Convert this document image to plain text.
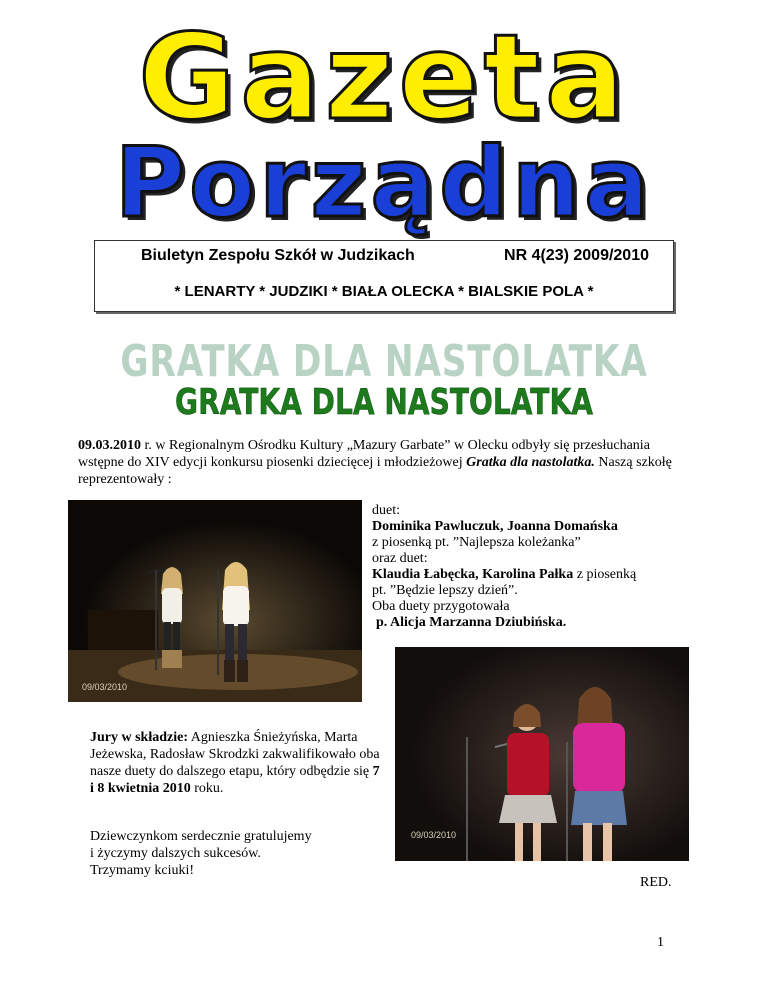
Gazeta
Porządna
Biuletyn Zespołu Szkół w Judzikach	NR 4(23) 2009/2010
* LENARTY * JUDZIKI * BIAŁA OLECKA * BIALSKIE POLA *
GRATKA DLA NASTOLATKA
GRATKA DLA NASTOLATKA
09.03.2010 r. w Regionalnym Ośrodku Kultury „Mazury Garbate” w Olecku odbyły się przesłuchania wstępne do XIV edycji konkursu piosenki dziecięcej i młodzieżowej Gratka dla nastolatka. Naszą szkołę reprezentowały :
09/03/2010
duet:
Dominika Pawluczuk, Joanna Domańska
z piosenką pt. ”Najlepsza koleżanka”
oraz duet:
Klaudia Łabęcka, Karolina Pałka z piosenką
pt. ”Będzie lepszy dzień”.
Oba duety przygotowała
p. Alicja Marzanna Dziubińska.
09/03/2010
Jury w składzie: Agnieszka Śnieżyńska, Marta Jeżewska, Radosław Skrodzki zakwalifikowało oba nasze duety do dalszego etapu, który odbędzie się 7 i 8 kwietnia 2010 roku.
Dziewczynkom serdecznie gratulujemy
i życzymy dalszych sukcesów.
Trzymamy kciuki!
RED.
1
